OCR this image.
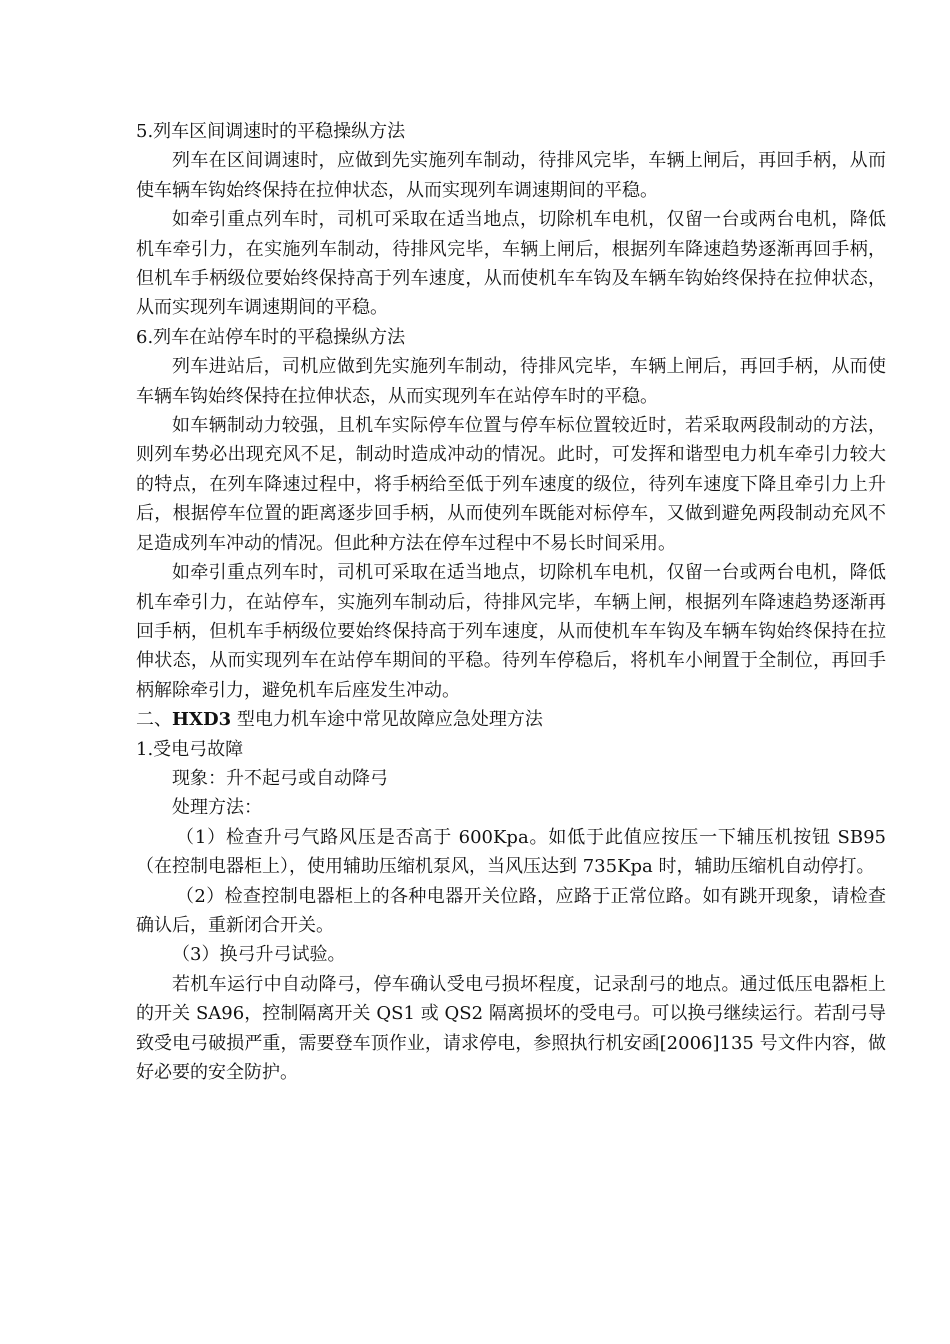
5.列车区间调速时的平稳操纵方法

列车在区间调速时，应做到先实施列车制动，待排风完毕，车辆上闸后，再回手柄，从而使车辆车钩始终保持在拉伸状态，从而实现列车调速期间的平稳。

如牵引重点列车时，司机可采取在适当地点，切除机车电机，仅留一台或两台电机，降低机车牵引力，在实施列车制动，待排风完毕，车辆上闸后，根据列车降速趋势逐渐再回手柄，但机车手柄级位要始终保持高于列车速度，从而使机车车钩及车辆车钩始终保持在拉伸状态，从而实现列车调速期间的平稳。

6.列车在站停车时的平稳操纵方法

列车进站后，司机应做到先实施列车制动，待排风完毕，车辆上闸后，再回手柄，从而使车辆车钩始终保持在拉伸状态，从而实现列车在站停车时的平稳。

如车辆制动力较强，且机车实际停车位置与停车标位置较近时，若采取两段制动的方法，则列车势必出现充风不足，制动时造成冲动的情况。此时，可发挥和谐型电力机车牵引力较大的特点，在列车降速过程中，将手柄给至低于列车速度的级位，待列车速度下降且牵引力上升后，根据停车位置的距离逐步回手柄，从而使列车既能对标停车，又做到避免两段制动充风不足造成列车冲动的情况。但此种方法在停车过程中不易长时间采用。

如牵引重点列车时，司机可采取在适当地点，切除机车电机，仅留一台或两台电机，降低机车牵引力，在站停车，实施列车制动后，待排风完毕，车辆上闸，根据列车降速趋势逐渐再回手柄，但机车手柄级位要始终保持高于列车速度，从而使机车车钩及车辆车钩始终保持在拉伸状态，从而实现列车在站停车期间的平稳。待列车停稳后，将机车小闸置于全制位，再回手柄解除牵引力，避免机车后座发生冲动。

二、HXD3 型电力机车途中常见故障应急处理方法

1.受电弓故障

现象：升不起弓或自动降弓

处理方法：

（1）检查升弓气路风压是否高于 600Kpa。如低于此值应按压一下辅压机按钮 SB95（在控制电器柜上），使用辅助压缩机泵风，当风压达到 735Kpa 时，辅助压缩机自动停打。

（2）检查控制电器柜上的各种电器开关位路，应路于正常位路。如有跳开现象，请检查确认后，重新闭合开关。

（3）换弓升弓试验。

若机车运行中自动降弓，停车确认受电弓损坏程度，记录刮弓的地点。通过低压电器柜上的开关 SA96，控制隔离开关 QS1 或 QS2 隔离损坏的受电弓。可以换弓继续运行。若刮弓导致受电弓破损严重，需要登车顶作业，请求停电，参照执行机安函[2006]135 号文件内容，做好必要的安全防护。
